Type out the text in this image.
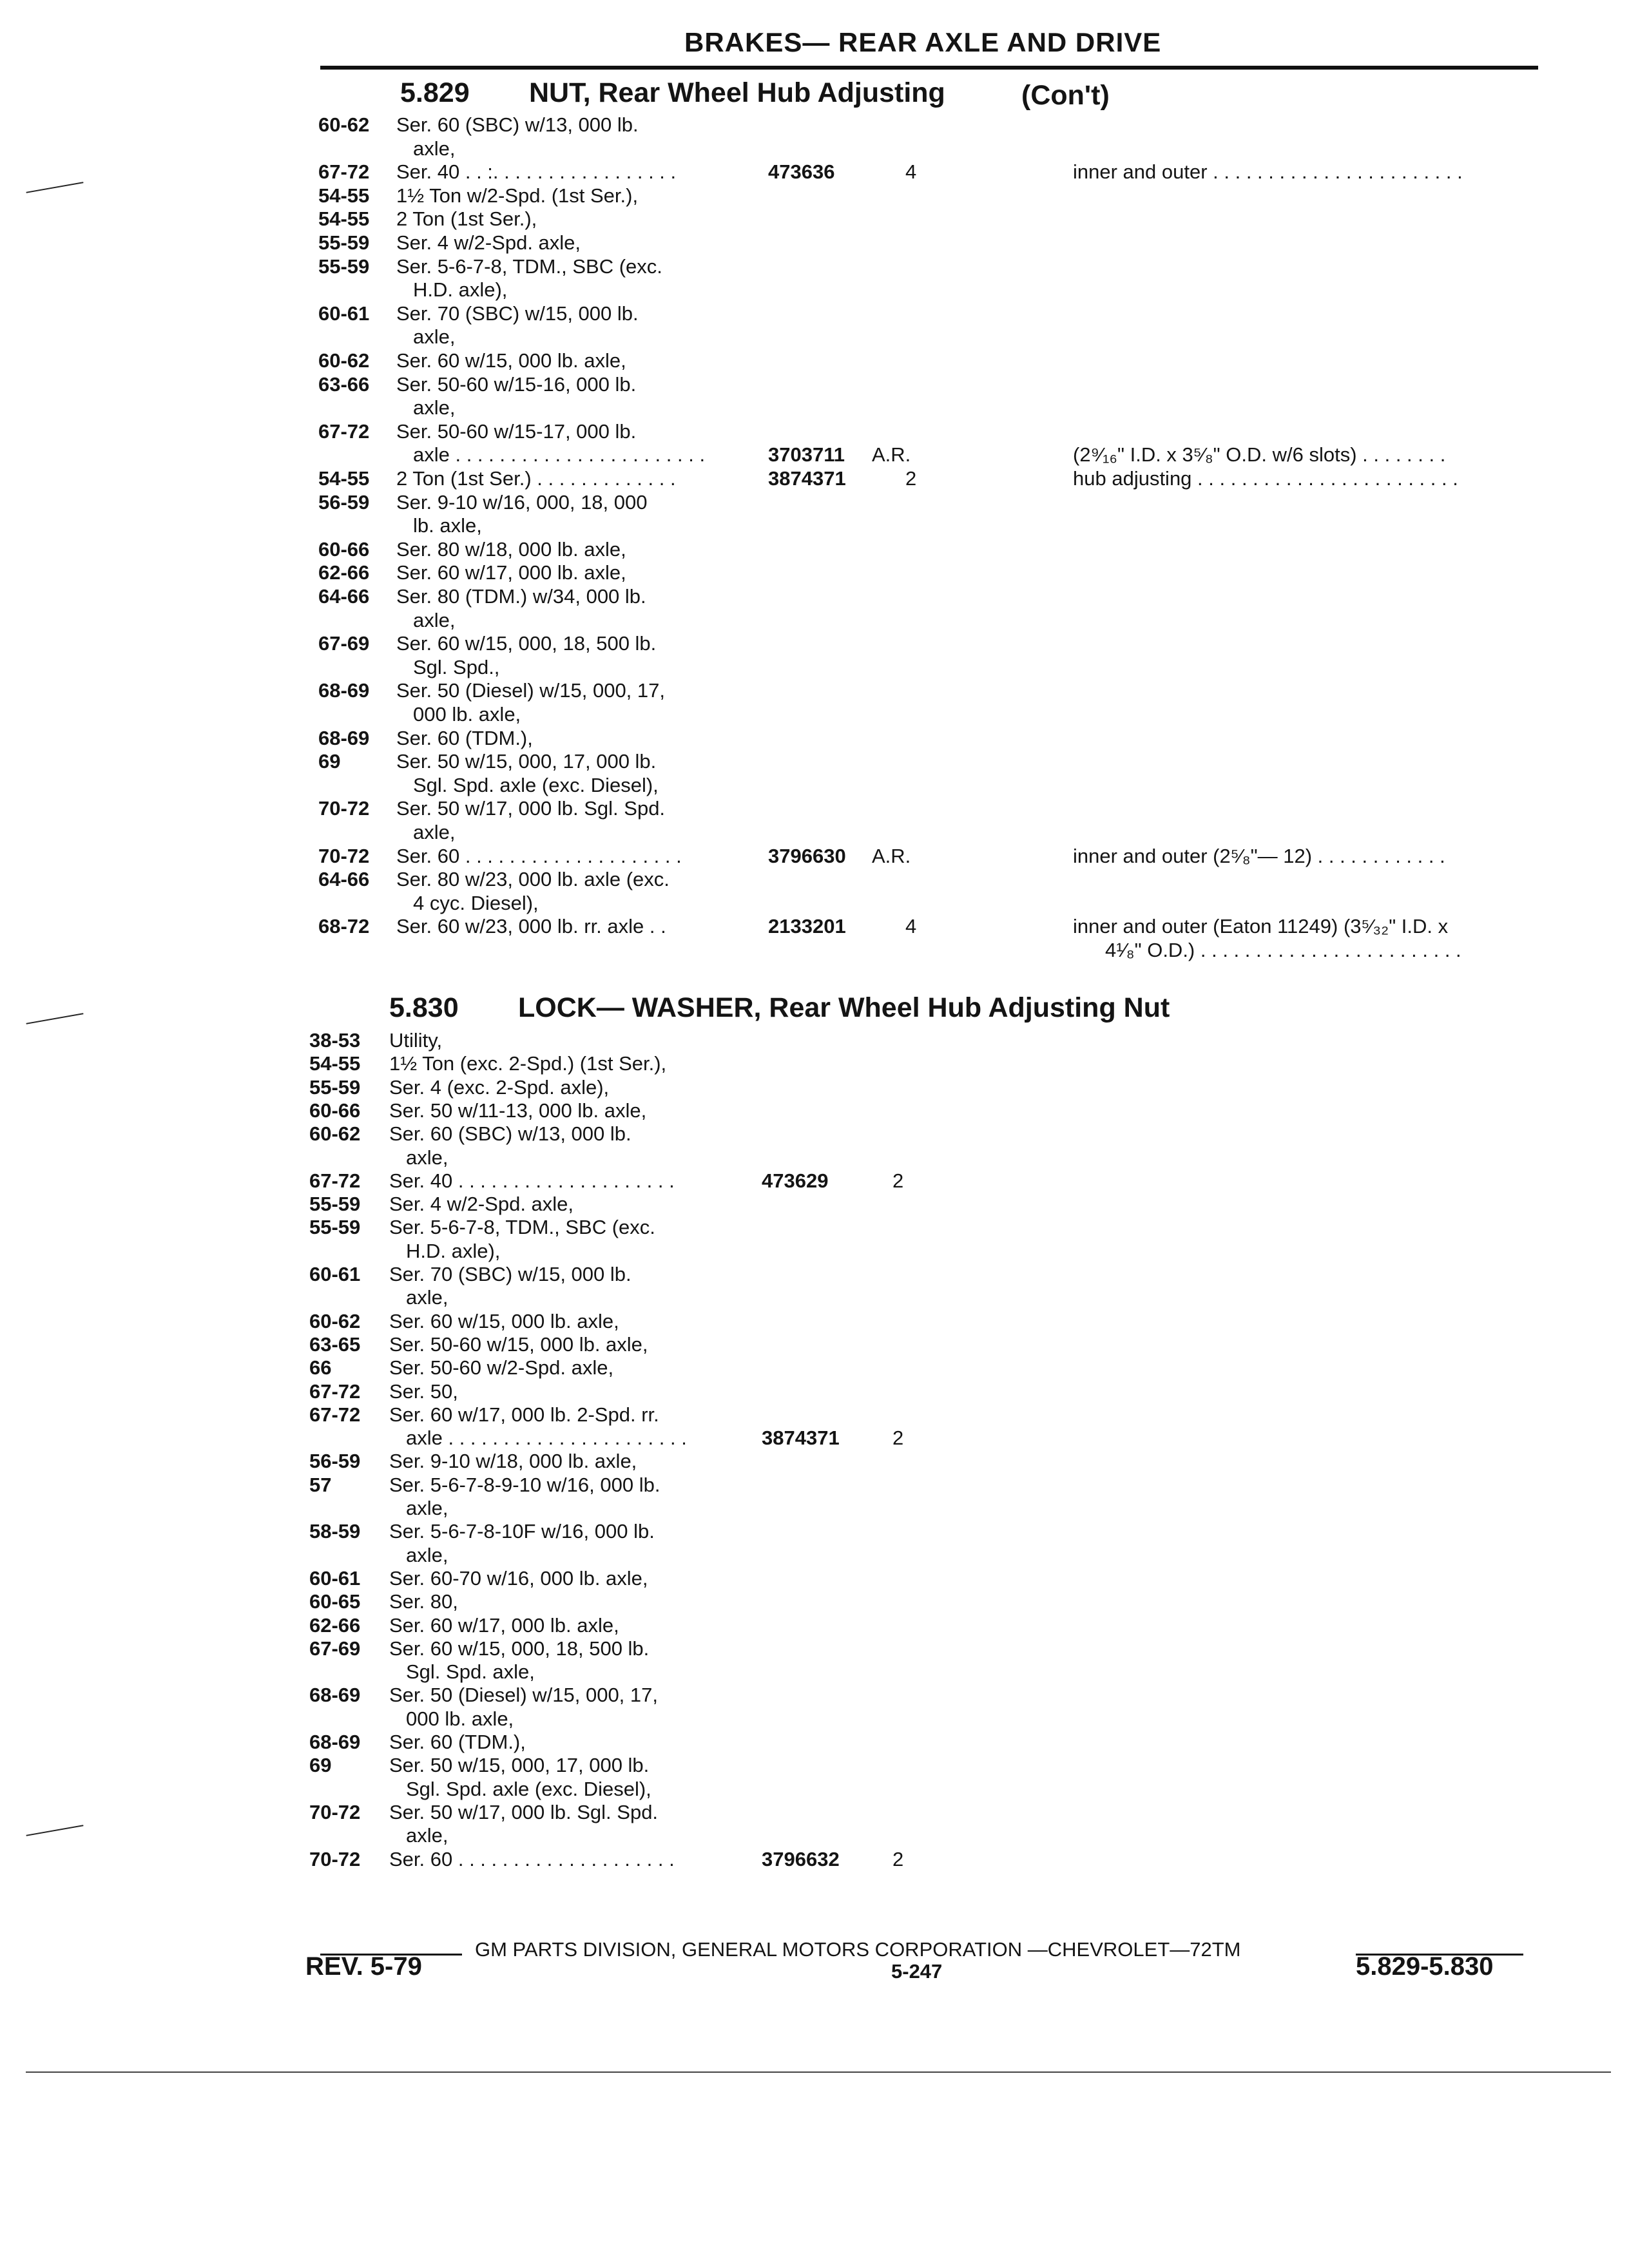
BRAKES— REAR AXLE AND DRIVE
5.829 NUT, Rear Wheel Hub Adjusting	(Con't)
60-62 Ser. 60 (SBC) w/13, 000 lb.
axle,
67-72 Ser. 40 . . :. . . . . . . . . . . . . . . . .	473636	4	inner and outer . . . . . . . . . . . . . . . . . . . . . . .
54-55 1½ Ton w/2-Spd. (1st Ser.),
54-55 2 Ton (1st Ser.),
55-59 Ser. 4 w/2-Spd. axle,
55-59 Ser. 5-6-7-8, TDM., SBC (exc.
H.D. axle),
60-61 Ser. 70 (SBC) w/15, 000 lb.
axle,
60-62 Ser. 60 w/15, 000 lb. axle,
63-66 Ser. 50-60 w/15-16, 000 lb.
axle,
67-72 Ser. 50-60 w/15-17, 000 lb.
axle . . . . . . . . . . . . . . . . . . . . . . .	3703711 A.R.	(2⁹⁄₁₆" I.D. x 3⁵⁄₈" O.D. w/6 slots) . . . . . . . .
54-55 2 Ton (1st Ser.) . . . . . . . . . . . . .	3874371	2	hub adjusting . . . . . . . . . . . . . . . . . . . . . . . .
56-59 Ser. 9-10 w/16, 000, 18, 000
lb. axle,
60-66 Ser. 80 w/18, 000 lb. axle,
62-66 Ser. 60 w/17, 000 lb. axle,
64-66 Ser. 80 (TDM.) w/34, 000 lb.
axle,
67-69 Ser. 60 w/15, 000, 18, 500 lb.
Sgl. Spd.,
68-69 Ser. 50 (Diesel) w/15, 000, 17,
000 lb. axle,
68-69 Ser. 60 (TDM.),
69	Ser. 50 w/15, 000, 17, 000 lb.
Sgl. Spd. axle (exc. Diesel),
70-72 Ser. 50 w/17, 000 lb. Sgl. Spd.
axle,
70-72 Ser. 60 . . . . . . . . . . . . . . . . . . . .	3796630 A.R.	inner and outer (2⁵⁄₈"— 12) . . . . . . . . . . . .
64-66 Ser. 80 w/23, 000 lb. axle (exc.
4 cyc. Diesel),
68-72 Ser. 60 w/23, 000 lb. rr. axle . .	2133201	4	inner and outer (Eaton 11249) (3⁵⁄₃₂" I.D. x
4¹⁄₈" O.D.) . . . . . . . . . . . . . . . . . . . . . . . .
5.830 LOCK— WASHER, Rear Wheel Hub Adjusting Nut
38-53 Utility,
54-55 1½ Ton (exc. 2-Spd.) (1st Ser.),
55-59 Ser. 4 (exc. 2-Spd. axle),
60-66 Ser. 50 w/11-13, 000 lb. axle,
60-62 Ser. 60 (SBC) w/13, 000 lb.
axle,
67-72 Ser. 40 . . . . . . . . . . . . . . . . . . . .	473629	2
55-59 Ser. 4 w/2-Spd. axle,
55-59 Ser. 5-6-7-8, TDM., SBC (exc.
H.D. axle),
60-61 Ser. 70 (SBC) w/15, 000 lb.
axle,
60-62 Ser. 60 w/15, 000 lb. axle,
63-65 Ser. 50-60 w/15, 000 lb. axle,
66	Ser. 50-60 w/2-Spd. axle,
67-72 Ser. 50,
67-72 Ser. 60 w/17, 000 lb. 2-Spd. rr.
axle . . . . . . . . . . . . . . . . . . . . . .	3874371	2
56-59 Ser. 9-10 w/18, 000 lb. axle,
57	Ser. 5-6-7-8-9-10 w/16, 000 lb.
axle,
58-59 Ser. 5-6-7-8-10F w/16, 000 lb.
axle,
60-61 Ser. 60-70 w/16, 000 lb. axle,
60-65 Ser. 80,
62-66 Ser. 60 w/17, 000 lb. axle,
67-69 Ser. 60 w/15, 000, 18, 500 lb.
Sgl. Spd. axle,
68-69 Ser. 50 (Diesel) w/15, 000, 17,
000 lb. axle,
68-69 Ser. 60 (TDM.),
69	Ser. 50 w/15, 000, 17, 000 lb.
Sgl. Spd. axle (exc. Diesel),
70-72 Ser. 50 w/17, 000 lb. Sgl. Spd.
axle,
70-72 Ser. 60 . . . . . . . . . . . . . . . . . . . .	3796632	2
GM PARTS DIVISION, GENERAL MOTORS CORPORATION —CHEVROLET—72TM
REV. 5-79	5-247	5.829-5.830
